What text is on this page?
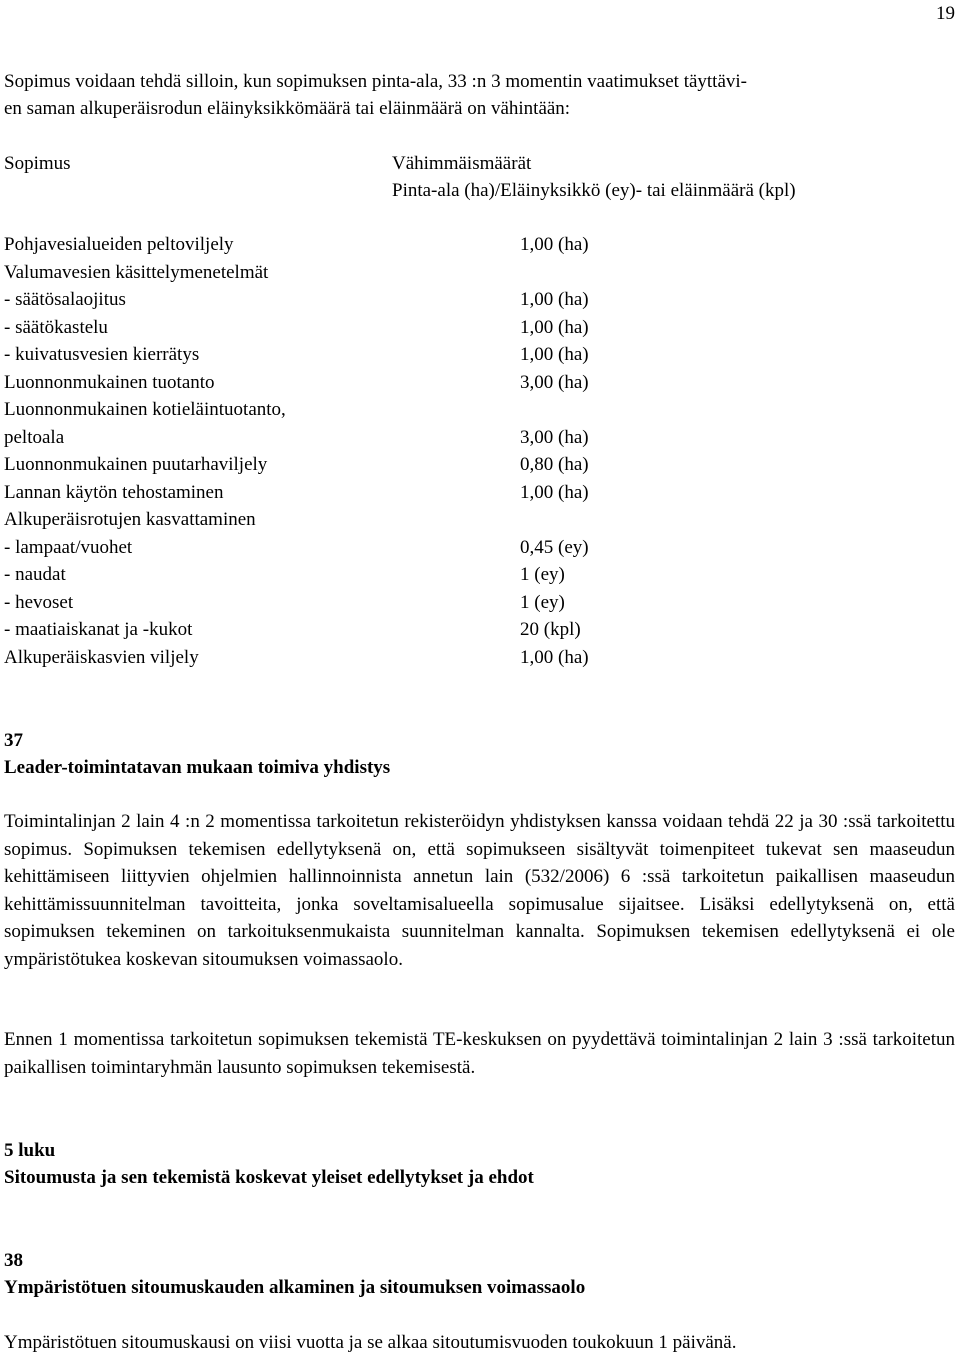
19
Sopimus voidaan tehdä silloin, kun sopimuksen pinta-ala, 33 :n 3 momentin vaatimukset täyttävi-
en saman alkuperäisrodun eläinyksikkömäärä tai eläinmäärä on vähintään:
Sopimus	Vähimmäismäärät
Pinta-ala (ha)/Eläinyksikkö (ey)- tai eläinmäärä (kpl)
Pohjavesialueiden peltoviljely	1,00 (ha)
Valumavesien käsittelymenetelmät
- säätösalaojitus	1,00 (ha)
- säätökastelu	1,00 (ha)
- kuivatusvesien kierrätys	1,00 (ha)
Luonnonmukainen tuotanto	3,00 (ha)
Luonnonmukainen kotieläintuotanto,
peltoala	3,00 (ha)
Luonnonmukainen puutarhaviljely	0,80 (ha)
Lannan käytön tehostaminen	1,00 (ha)
Alkuperäisrotujen kasvattaminen
- lampaat/vuohet	0,45 (ey)
- naudat	1 (ey)
- hevoset	1 (ey)
- maatiaiskanat ja -kukot	20 (kpl)
Alkuperäiskasvien viljely	1,00 (ha)
37
Leader-toimintatavan mukaan toimiva yhdistys
Toimintalinjan 2 lain 4 :n 2 momentissa tarkoitetun rekisteröidyn yhdistyksen kanssa voidaan tehdä 22 ja 30 :ssä tarkoitettu sopimus. Sopimuksen tekemisen edellytyksenä on, että sopimukseen sisältyvät toimenpiteet tukevat sen maaseudun kehittämiseen liittyvien ohjelmien hallinnoinnista annetun lain (532/2006) 6 :ssä tarkoitetun paikallisen maaseudun kehittämissuunnitelman tavoitteita, jonka soveltamisalueella sopimusalue sijaitsee. Lisäksi edellytyksenä on, että sopimuksen tekeminen on tarkoituksenmukaista suunnitelman kannalta. Sopimuksen tekemisen edellytyksenä ei ole ympäristötukea koskevan sitoumuksen voimassaolo.
Ennen 1 momentissa tarkoitetun sopimuksen tekemistä TE-keskuksen on pyydettävä toimintalinjan 2 lain 3 :ssä tarkoitetun paikallisen toimintaryhmän lausunto sopimuksen tekemisestä.
5 luku
Sitoumusta ja sen tekemistä koskevat yleiset edellytykset ja ehdot
38
Ympäristötuen sitoumuskauden alkaminen ja sitoumuksen voimassaolo
Ympäristötuen sitoumuskausi on viisi vuotta ja se alkaa sitoutumisvuoden toukokuun 1 päivänä.
